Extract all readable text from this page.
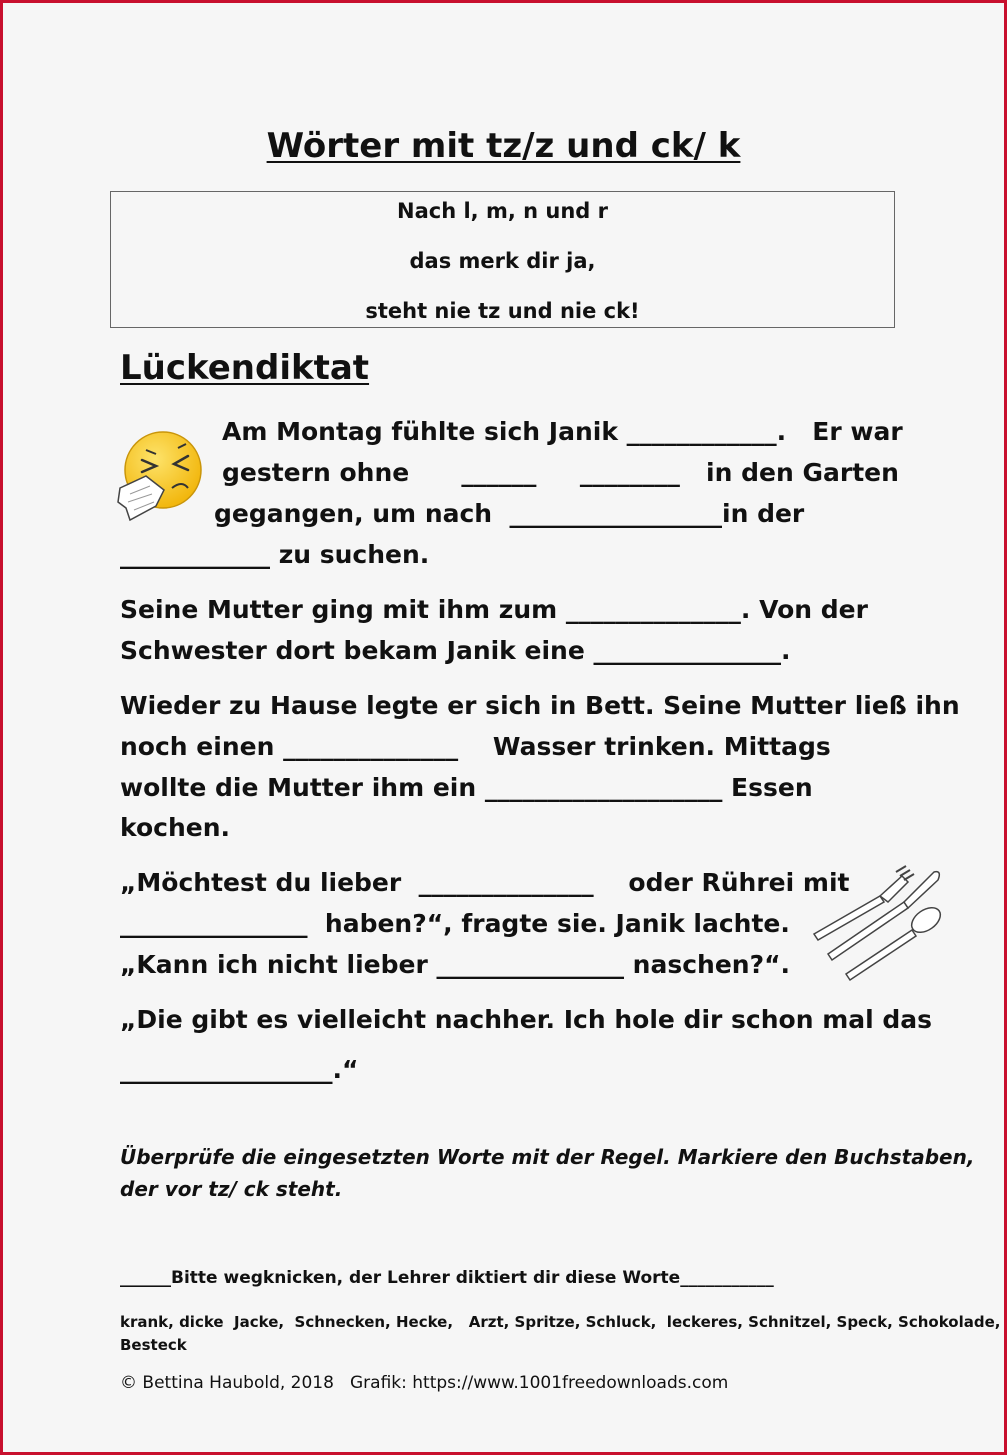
Wörter mit tz/z und ck/ k
Nach l, m, n und r
das merk dir ja,
steht nie tz und nie ck!
Lückendiktat
Am Montag fühlte sich Janik ____________.   Er war
gestern ohne      ______     ________   in den Garten
gegangen, um nach  _________________in der
____________ zu suchen.
Seine Mutter ging mit ihm zum ______________. Von der
Schwester dort bekam Janik eine _______________.
Wieder zu Hause legte er sich in Bett. Seine Mutter ließ ihn
noch einen ______________    Wasser trinken. Mittags
wollte die Mutter ihm ein ___________________ Essen
kochen.
„Möchtest du lieber  ______________    oder Rührei mit
_______________  haben?“, fragte sie. Janik lachte.
„Kann ich nicht lieber _______________ naschen?“.
„Die gibt es vielleicht nachher. Ich hole dir schon mal das
_________________.“
Überprüfe die eingesetzten Worte mit der Regel. Markiere den Buchstaben,
der vor tz/ ck steht.
______Bitte wegknicken, der Lehrer diktiert dir diese Worte___________
krank, dicke  Jacke,  Schnecken, Hecke,   Arzt, Spritze, Schluck,  leckeres, Schnitzel, Speck, Schokolade,
Besteck
© Bettina Haubold, 2018 Grafik: https://www.1001freedownloads.com
